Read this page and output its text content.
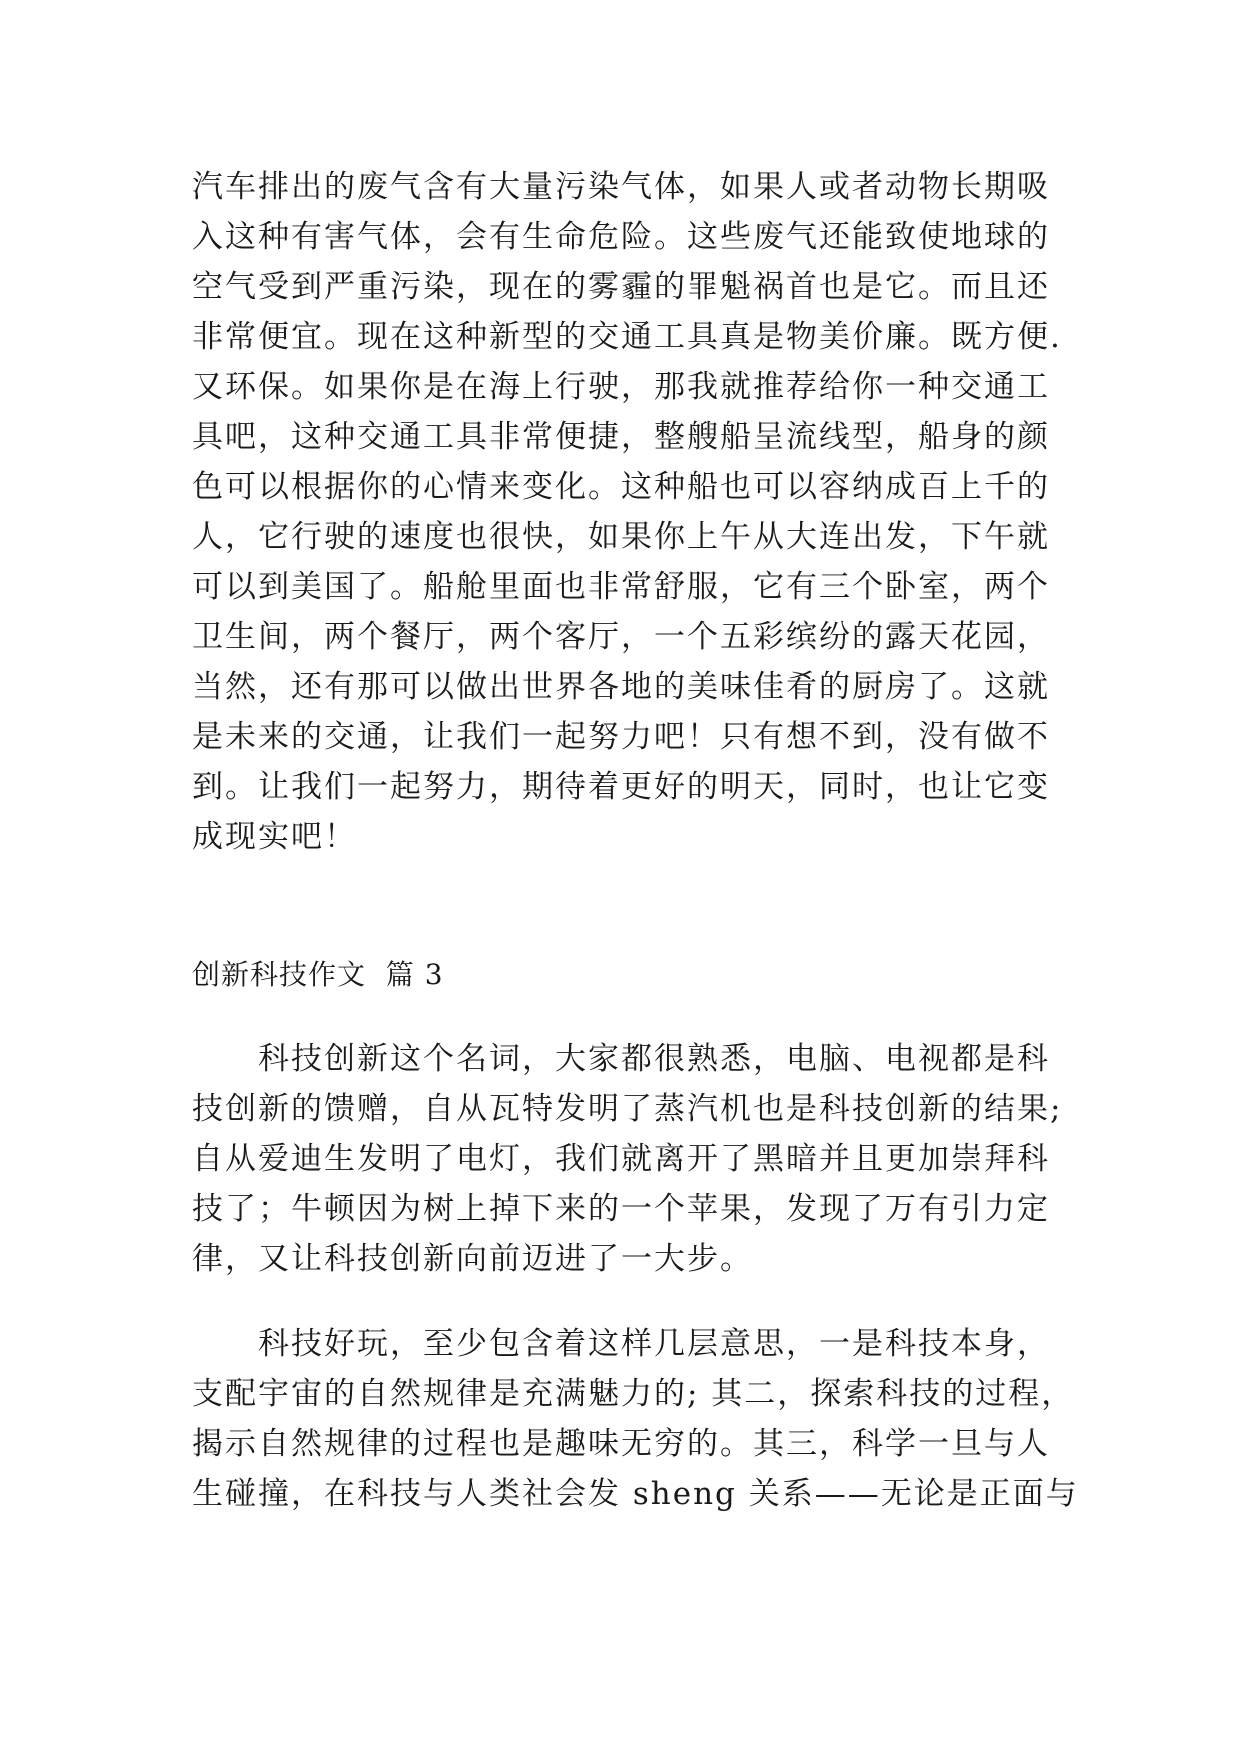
汽车排出的废气含有大量污染气体，如果人或者动物长期吸
入这种有害气体，会有生命危险。这些废气还能致使地球的
空气受到严重污染，现在的雾霾的罪魁祸首也是它。而且还
非常便宜。现在这种新型的交通工具真是物美价廉。既方便.
又环保。如果你是在海上行驶，那我就推荐给你一种交通工
具吧，这种交通工具非常便捷，整艘船呈流线型，船身的颜
色可以根据你的心情来变化。这种船也可以容纳成百上千的
人，它行驶的速度也很快，如果你上午从大连出发，下午就
可以到美国了。船舱里面也非常舒服，它有三个卧室，两个
卫生间，两个餐厅，两个客厅，一个五彩缤纷的露天花园，
当然，还有那可以做出世界各地的美味佳肴的厨房了。这就
是未来的交通，让我们一起努力吧！只有想不到，没有做不
到。让我们一起努力，期待着更好的明天，同时，也让它变
成现实吧！
创新科技作文  篇 3
　　科技创新这个名词，大家都很熟悉，电脑、电视都是科
技创新的馈赠，自从瓦特发明了蒸汽机也是科技创新的结果;
自从爱迪生发明了电灯，我们就离开了黑暗并且更加崇拜科
技了；牛顿因为树上掉下来的一个苹果，发现了万有引力定
律，又让科技创新向前迈进了一大步。
　　科技好玩，至少包含着这样几层意思，一是科技本身，
支配宇宙的自然规律是充满魅力的; 其二，探索科技的过程，
揭示自然规律的过程也是趣味无穷的。其三，科学一旦与人
生碰撞，在科技与人类社会发 sheng 关系——无论是正面与
